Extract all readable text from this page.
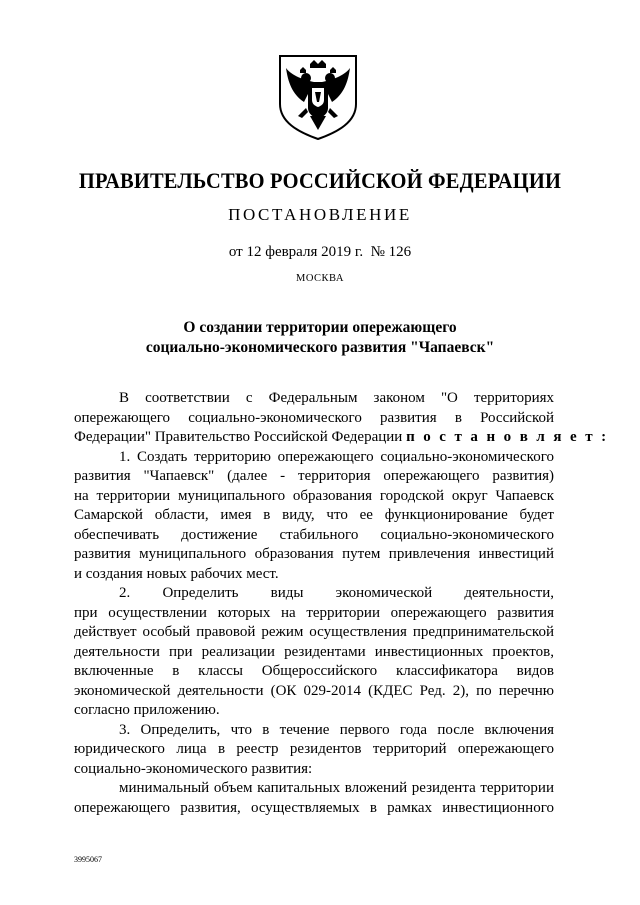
ПРАВИТЕЛЬСТВО РОССИЙСКОЙ ФЕДЕРАЦИИ
ПОСТАНОВЛЕНИЕ
от 12 февраля 2019 г. № 126
МОСКВА
О создании территории опережающего
социально-экономического развития "Чапаевск"
В соответствии с Федеральным законом "О территориях
опережающего социально-экономического развития в Российской
Федерации" Правительство Российской Федерации п о с т а н о в л я е т :
1. Создать территорию опережающего социально-экономического
развития "Чапаевск" (далее - территория опережающего развития)
на территории муниципального образования городской округ Чапаевск
Самарской области, имея в виду, что ее функционирование будет
обеспечивать достижение стабильного социально-экономического
развития муниципального образования путем привлечения инвестиций
и создания новых рабочих мест.
2. Определить виды экономической деятельности,
при осуществлении которых на территории опережающего развития
действует особый правовой режим осуществления предпринимательской
деятельности при реализации резидентами инвестиционных проектов,
включенные в классы Общероссийского классификатора видов
экономической деятельности (ОК 029-2014 (КДЕС Ред. 2), по перечню
согласно приложению.
3. Определить, что в течение первого года после включения
юридического лица в реестр резидентов территорий опережающего
социально-экономического развития:
минимальный объем капитальных вложений резидента территории
опережающего развития, осуществляемых в рамках инвестиционного
3995067
